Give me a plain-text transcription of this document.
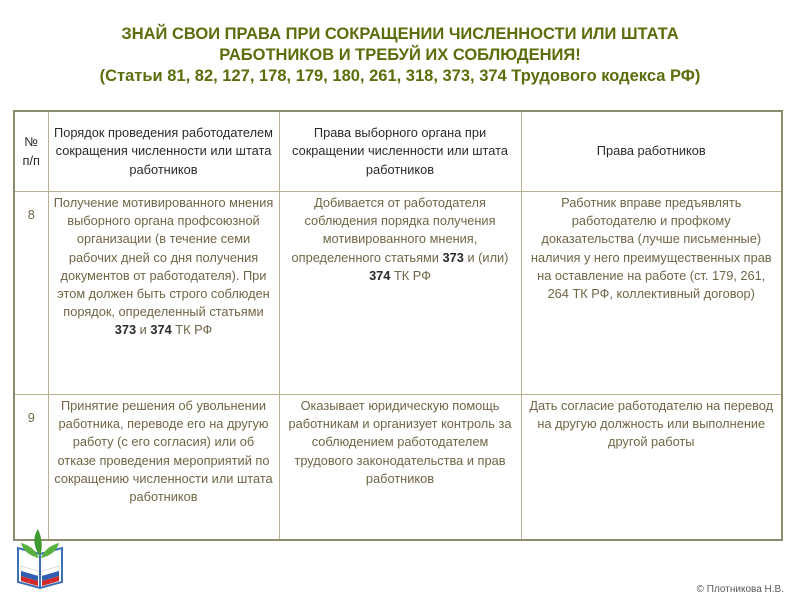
ЗНАЙ СВОИ ПРАВА ПРИ СОКРАЩЕНИИ ЧИСЛЕННОСТИ ИЛИ ШТАТА
РАБОТНИКОВ И ТРЕБУЙ ИХ СОБЛЮДЕНИЯ!
(Статьи 81, 82, 127, 178, 179, 180, 261, 318, 373, 374 Трудового кодекса РФ)
№ п/п	Порядок проведения работодателем сокращения численности или штата работников	Права выборного органа при сокращении численности или штата работников	Права работников
8	Получение мотивированного мнения выборного органа профсоюзной организации (в течение семи рабочих дней со дня получения документов от работодателя). При этом должен быть строго соблюден порядок, определенный статьями 373 и 374 ТК РФ	Добивается от работодателя соблюдения порядка получения мотивированного мнения, определенного статьями 373 и (или) 374 ТК РФ	Работник вправе предъявлять работодателю и профкому доказательства (лучше письменные) наличия у него преимущественных прав на оставление на работе (ст. 179, 261, 264 ТК РФ, коллективный договор)
9	Принятие решения об увольнении работника, переводе его на другую работу (с его согласия) или об отказе проведения мероприятий по сокращению численности или штата работников	Оказывает юридическую помощь работникам и организует контроль за соблюдением работодателем трудового законодательства и прав работников	Дать согласие работодателю на перевод на другую должность или выполнение другой работы
© Плотникова Н.В.
